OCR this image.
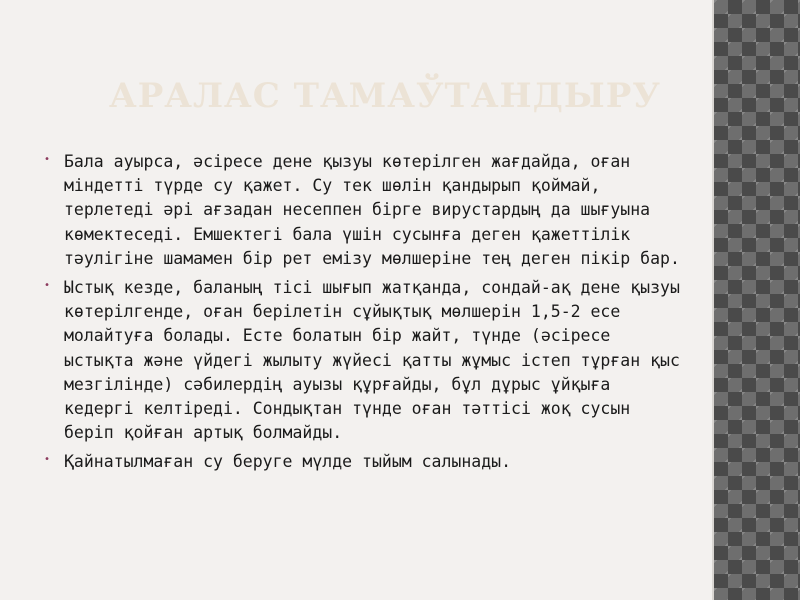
АРАЛАС ТАМАЎТАНДЫРУ
• Бала ауырса, әсіресе дене қызуы көтерілген жағдайда, оған міндетті түрде су қажет. Су тек шөлін қандырып қоймай, терлетеді әрі ағзадан несеппен бірге вирустардың да шығуына көмектеседі. Емшектегі бала үшін сусынға деген қажеттілік тәулігіне шамамен бір рет емізу мөлшеріне тең деген пікір бар.
• Ыстық кезде, баланың тісі шығып жатқанда, сондай-ақ дене қызуы көтерілгенде, оған берілетін сұйықтық мөлшерін 1,5-2 есе молайтуға болады. Есте болатын бір жайт, түнде (әсіресе ыстықта және үйдегі жылыту жүйесі қатты жұмыс істеп тұрған қыс мезгілінде) сәбилердің ауызы құрғайды, бұл дұрыс ұйқыға кедергі келтіреді. Сондықтан түнде оған тәттісі жоқ сусын беріп қойған артық болмайды.
• Қайнатылмаған су беруге мүлде тыйым салынады.
